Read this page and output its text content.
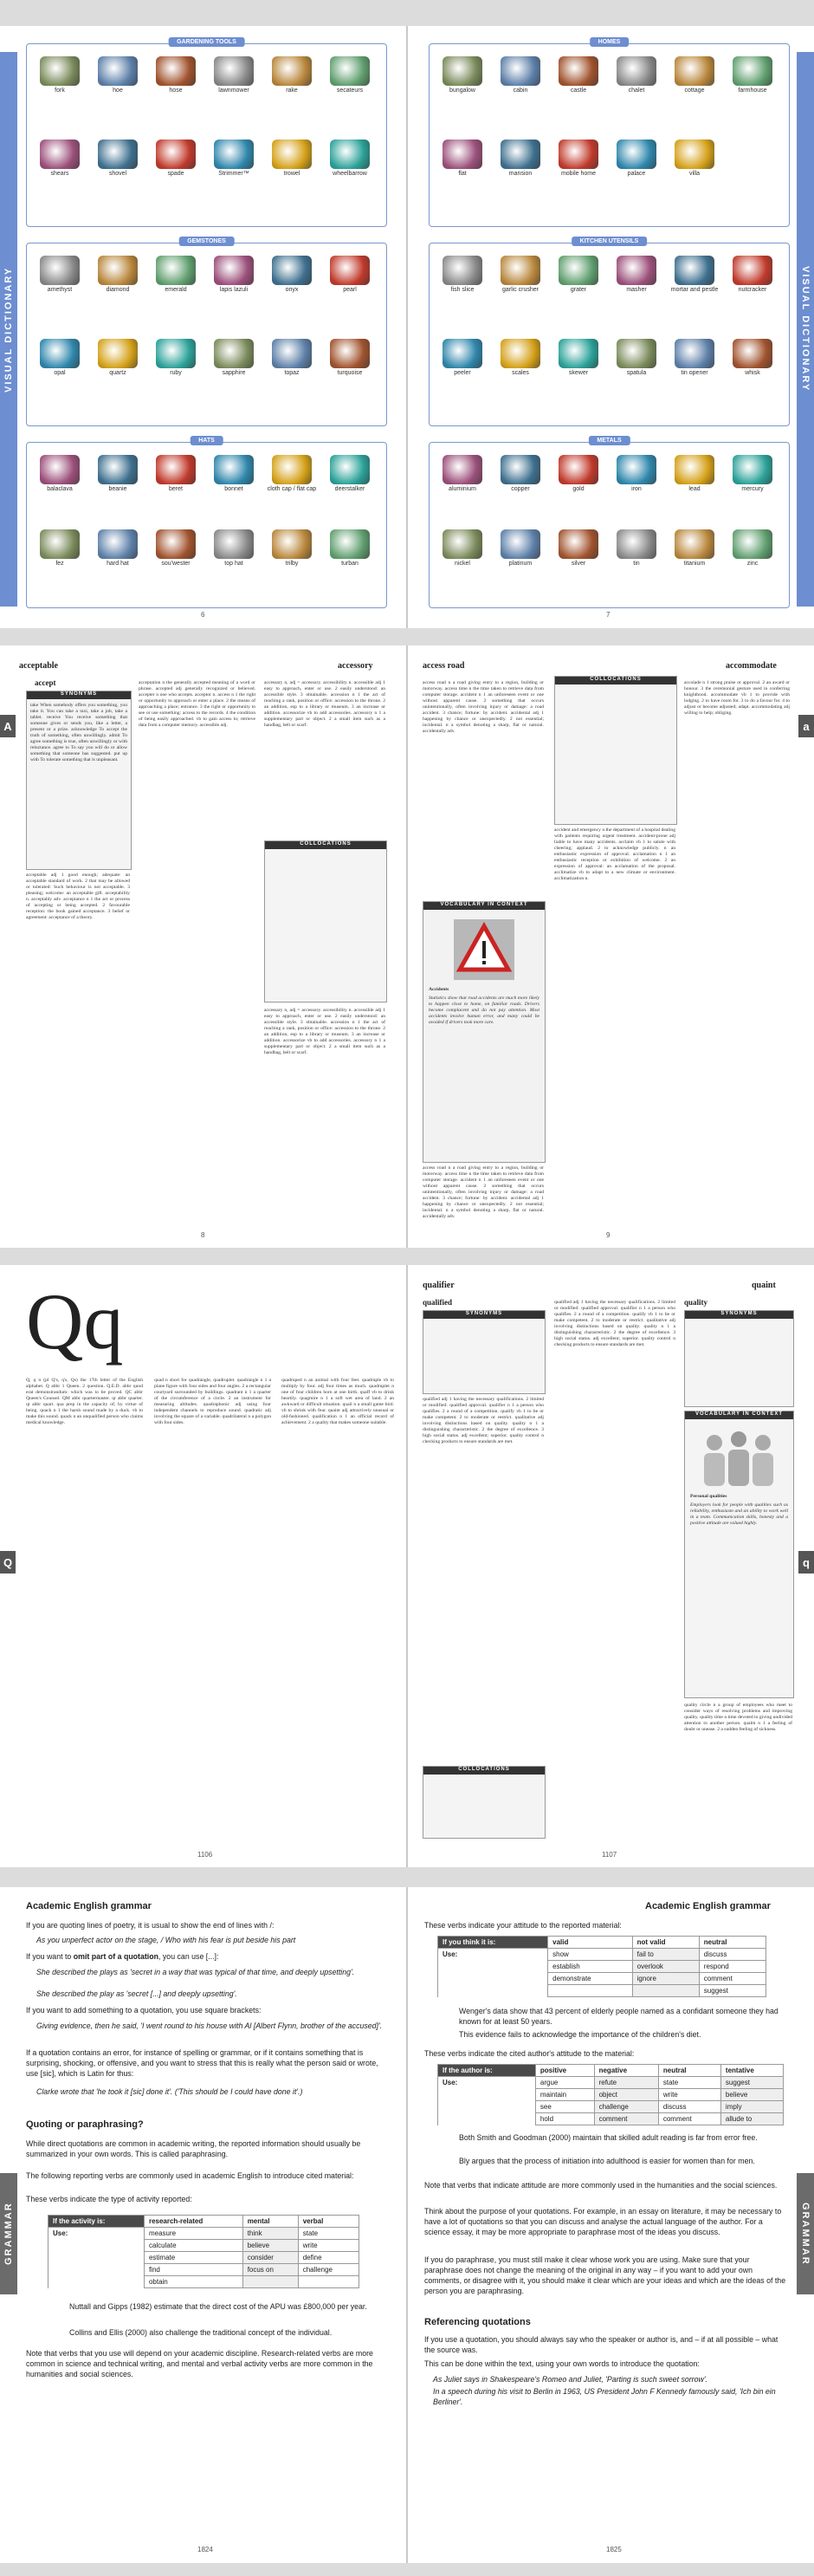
VISUAL DICTIONARY	VISUAL DICTIONARY
GARDENING TOOLS
fork	hoe	hose	lawnmower	rake	secateurs
shears	shovel	spade	Strimmer™	trowel	wheelbarrow
GEMSTONES
amethyst	diamond	emerald	lapis lazuli	onyx	pearl
opal	quartz	ruby	sapphire	topaz	turquoise
HATS
balaclava	beanie	beret	bonnet	cloth cap / flat cap	deerstalker
fez	hard hat	sou'wester	top hat	trilby	turban
HOMES
bungalow	cabin	castle	chalet	cottage	farmhouse
flat	mansion	mobile home	palace	villa
KITCHEN UTENSILS
fish slice	garlic crusher	grater	masher	mortar and pestle	nutcracker
peeler	scales	skewer	spatula	tin opener	whisk
METALS
aluminium	copper	gold	iron	lead	mercury
nickel	platinum	silver	tin	titanium	zinc
6	7
acceptable	accessory	access road	accommodate
A	a
accept
SYNONYMS
take When somebody offers you something, you take it. You can take a taxi, take a job, take a tablet. receive You receive something that someone gives or sends you, like a letter, a present or a prize. acknowledge To accept the truth of something, often unwillingly. admit To agree something is true, often unwillingly or with reluctance. agree to To say you will do or allow something that someone has suggested. put up with To tolerate something that is unpleasant.
acceptable adj 1 good enough; adequate: an acceptable standard of work. 2 that may be allowed or tolerated: Such behaviour is not acceptable. 3 pleasing; welcome: an acceptable gift. acceptability n. acceptably adv. acceptance n 1 the act or process of accepting or being accepted. 2 favourable reception: the book gained acceptance. 3 belief or agreement: acceptance of a theory.
acceptation n the generally accepted meaning of a word or phrase. accepted adj generally recognized or believed. accepter n one who accepts. acceptor n. access n 1 the right or opportunity to approach or enter a place. 2 the means of approaching a place; entrance. 3 the right or opportunity to see or use something: access to the records. 4 the condition of being easily approached. vb to gain access to; retrieve data from a computer memory. accessible adj.
COLLOCATIONS
accessary n, adj = accessory. accessibility n. accessible adj 1 easy to approach, enter or use. 2 easily understood: an accessible style. 3 obtainable. accession n 1 the act of reaching a rank, position or office: accession to the throne. 2 an addition, esp to a library or museum. 3 an increase or addition. accessorize vb to add accessories. accessory n 1 a supplementary part or object. 2 a small item such as a handbag, belt or scarf.
accessary n, adj = accessory. accessibility n. accessible adj 1 easy to approach, enter or use. 2 easily understood: an accessible style. 3 obtainable. accession n 1 the act of reaching a rank, position or office: accession to the throne. 2 an addition, esp to a library or museum. 3 an increase or addition. accessorize vb to add accessories. accessory n 1 a supplementary part or object. 2 a small item such as a handbag, belt or scarf.
access road n a road giving entry to a region, building or motorway. access time n the time taken to retrieve data from computer storage. accident n 1 an unforeseen event or one without apparent cause. 2 something that occurs unintentionally, often involving injury or damage: a road accident. 3 chance; fortune: by accident. accidental adj 1 happening by chance or unexpectedly. 2 not essential; incidental. n a symbol denoting a sharp, flat or natural. accidentally adv.
VOCABULARY IN CONTEXT
Accidents
Statistics show that road accidents are much more likely to happen close to home, on familiar roads. Drivers become complacent and do not pay attention. Most accidents involve human error, and many could be avoided if drivers took more care.
access road n a road giving entry to a region, building or motorway. access time n the time taken to retrieve data from computer storage. accident n 1 an unforeseen event or one without apparent cause. 2 something that occurs unintentionally, often involving injury or damage: a road accident. 3 chance; fortune: by accident. accidental adj 1 happening by chance or unexpectedly. 2 not essential; incidental. n a symbol denoting a sharp, flat or natural. accidentally adv.
COLLOCATIONS
accident and emergency n the department of a hospital dealing with patients requiring urgent treatment. accident-prone adj liable to have many accidents. acclaim vb 1 to salute with cheering; applaud. 2 to acknowledge publicly. n an enthusiastic expression of approval. acclamation n 1 an enthusiastic reception or exhibition of welcome. 2 an expression of approval: an acclamation of the proposal. acclimatize vb to adapt to a new climate or environment. acclimatization n.
accolade n 1 strong praise or approval. 2 an award or honour. 3 the ceremonial gesture used in conferring knighthood. accommodate vb 1 to provide with lodging. 2 to have room for. 3 to do a favour for. 4 to adjust or become adjusted; adapt. accommodating adj willing to help; obliging.
8	9
Qq	qualifier	quaint
Q	q
Q, q n (pl Q's, q's, Qs) the 17th letter of the English alphabet. Q abbr 1 Queen. 2 question. Q.E.D. abbr quod erat demonstrandum: which was to be proved. QC abbr Queen's Counsel. QM abbr quartermaster. qr abbr quarter. qt abbr quart. qua prep in the capacity of; by virtue of being. quack n 1 the harsh sound made by a duck. vb to make this sound. quack n an unqualified person who claims medical knowledge.
quad n short for quadrangle, quadruplet. quadrangle n 1 a plane figure with four sides and four angles. 2 a rectangular courtyard surrounded by buildings. quadrant n 1 a quarter of the circumference of a circle. 2 an instrument for measuring altitudes. quadraphonic adj using four independent channels to reproduce sound. quadratic adj involving the square of a variable. quadrilateral n a polygon with four sides.
quadruped n an animal with four feet. quadruple vb to multiply by four. adj four times as much. quadruplet n one of four children born at one birth. quaff vb to drink heartily. quagmire n 1 a soft wet area of land. 2 an awkward or difficult situation. quail n a small game bird. vb to shrink with fear. quaint adj attractively unusual or old-fashioned. qualification n 1 an official record of achievement. 2 a quality that makes someone suitable.
qualified
SYNONYMS
qualified adj 1 having the necessary qualifications. 2 limited or modified: qualified approval. qualifier n 1 a person who qualifies. 2 a round of a competition. qualify vb 1 to be or make competent. 2 to moderate or restrict. qualitative adj involving distinctions based on quality. quality n 1 a distinguishing characteristic. 2 the degree of excellence. 3 high social status. adj excellent; superior. quality control n checking products to ensure standards are met.
COLLOCATIONS
qualified adj 1 having the necessary qualifications. 2 limited or modified: qualified approval. qualifier n 1 a person who qualifies. 2 a round of a competition. qualify vb 1 to be or make competent. 2 to moderate or restrict. qualitative adj involving distinctions based on quality. quality n 1 a distinguishing characteristic. 2 the degree of excellence. 3 high social status. adj excellent; superior. quality control n checking products to ensure standards are met.
quality
SYNONYMS
VOCABULARY IN CONTEXT
Personal qualities
Employers look for people with qualities such as reliability, enthusiasm and an ability to work well in a team. Communication skills, honesty and a positive attitude are valued highly.
quality circle n a group of employees who meet to consider ways of resolving problems and improving quality. quality time n time devoted to giving undivided attention to another person. qualm n 1 a feeling of doubt or unease. 2 a sudden feeling of sickness.
1106	1107
GRAMMAR	GRAMMAR
Academic English grammar
If you are quoting lines of poetry, it is usual to show the end of lines with /:
As you unperfect actor on the stage, / Who with his fear is put beside his part
If you want to omit part of a quotation, you can use [...]:
She described the plays as 'secret in a way that was typical of that time, and deeply upsetting'.
She described the play as 'secret [...] and deeply upsetting'.
If you want to add something to a quotation, you use square brackets:
Giving evidence, then he said, 'I went round to his house with Al [Albert Flynn, brother of the accused]'.
If a quotation contains an error, for instance of spelling or grammar, or if it contains something that is surprising, shocking, or offensive, and you want to stress that this is really what the person said or wrote, use [sic], which is Latin for thus:
Clarke wrote that 'he took it [sic] done it'. ('This should be I could have done it'.)
Quoting or paraphrasing?
While direct quotations are common in academic writing, the reported information should usually be summarized in your own words. This is called paraphrasing.
The following reporting verbs are commonly used in academic English to introduce cited material:
These verbs indicate the type of activity reported:
If the activity is:	research-related	mental	verbal
Use:	measure	think	state
	calculate	believe	write
	estimate	consider	define
	find	focus on	challenge
	obtain		
Nuttall and Gipps (1982) estimate that the direct cost of the APU was £800,000 per year.
Collins and Ellis (2000) also challenge the traditional concept of the individual.
Note that verbs that you use will depend on your academic discipline. Research-related verbs are more common in science and technical writing, and mental and verbal activity verbs are more common in the humanities and social sciences.
1824
Academic English grammar
These verbs indicate your attitude to the reported material:
If you think it is:	valid	not valid	neutral
Use:	show	fail to	discuss
	establish	overlook	respond
	demonstrate	ignore	comment
			suggest
Wenger's data show that 43 percent of elderly people named as a confidant someone they had known for at least 50 years.
This evidence fails to acknowledge the importance of the children's diet.
These verbs indicate the cited author's attitude to the material:
If the author is:	positive	negative	neutral	tentative
Use:	argue	refute	state	suggest
	maintain	object	write	believe
	see	challenge	discuss	imply
	hold	comment	comment	allude to
Both Smith and Goodman (2000) maintain that skilled adult reading is far from error free.
Bly argues that the process of initiation into adulthood is easier for women than for men.
Note that verbs that indicate attitude are more commonly used in the humanities and the social sciences.
Think about the purpose of your quotations. For example, in an essay on literature, it may be necessary to have a lot of quotations so that you can discuss and analyse the actual language of the author. For a science essay, it may be more appropriate to paraphrase most of the ideas you discuss.
If you do paraphrase, you must still make it clear whose work you are using. Make sure that your paraphrase does not change the meaning of the original in any way – if you want to add your own comments, or disagree with it, you should make it clear which are your ideas and which are the ideas of the person you are paraphrasing.
Referencing quotations
If you use a quotation, you should always say who the speaker or author is, and – if at all possible – what the source was.
This can be done within the text, using your own words to introduce the quotation:
As Juliet says in Shakespeare's Romeo and Juliet, 'Parting is such sweet sorrow'.
In a speech during his visit to Berlin in 1963, US President John F Kennedy famously said, 'Ich bin ein Berliner'.
1825
